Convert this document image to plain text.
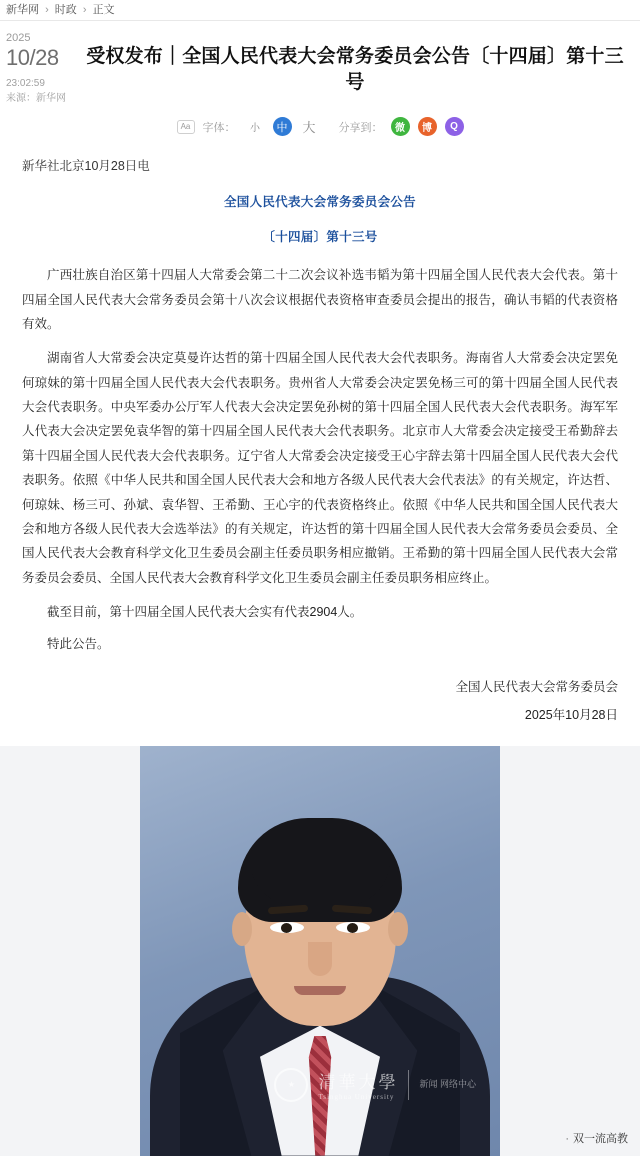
新华网 › 时政 › 正文
2025
10/28
23:02:59
来源：新华网
受权发布｜全国人民代表大会常务委员会公告〔十四届〕第十三号
Aa	字体：	小	中	大 分享到：	微	博	Q
新华社北京10月28日电
全国人民代表大会常务委员会公告
〔十四届〕第十三号

广西壮族自治区第十四届人大常委会第二十二次会议补选韦韬为第十四届全国人民代表大会代表。第十四届全国人民代表大会常务委员会第十八次会议根据代表资格审查委员会提出的报告，确认韦韬的代表资格有效。

湖南省人大常委会决定莫曼许达哲的第十四届全国人民代表大会代表职务。海南省人大常委会决定罢免何琼妹的第十四届全国人民代表大会代表职务。贵州省人大常委会决定罢免杨三可的第十四届全国人民代表大会代表职务。中央军委办公厅军人代表大会决定罢免孙树的第十四届全国人民代表大会代表职务。海军军人代表大会决定罢免袁华智的第十四届全国人民代表大会代表职务。北京市人大常委会决定接受王希勤辞去第十四届全国人民代表大会代表职务。辽宁省人大常委会决定接受王心宇辞去第十四届全国人民代表大会代表职务。依照《中华人民共和国全国人民代表大会和地方各级人民代表大会代表法》的有关规定，许达哲、何琼妹、杨三可、孙斌、袁华智、王希勤、王心宇的代表资格终止。依照《中华人民共和国全国人民代表大会和地方各级人民代表大会选举法》的有关规定，许达哲的第十四届全国人民代表大会常务委员会委员、全国人民代表大会教育科学文化卫生委员会副主任委员职务相应撤销。王希勤的第十四届全国人民代表大会常务委员会委员、全国人民代表大会教育科学文化卫生委员会副主任委员职务相应终止。

截至目前，第十四届全国人民代表大会实有代表2904人。

特此公告。

全国人民代表大会常务委员会
2025年10月28日
★	清華大學
Tsinghua University
新闻 网络中心
· 双一流高教
